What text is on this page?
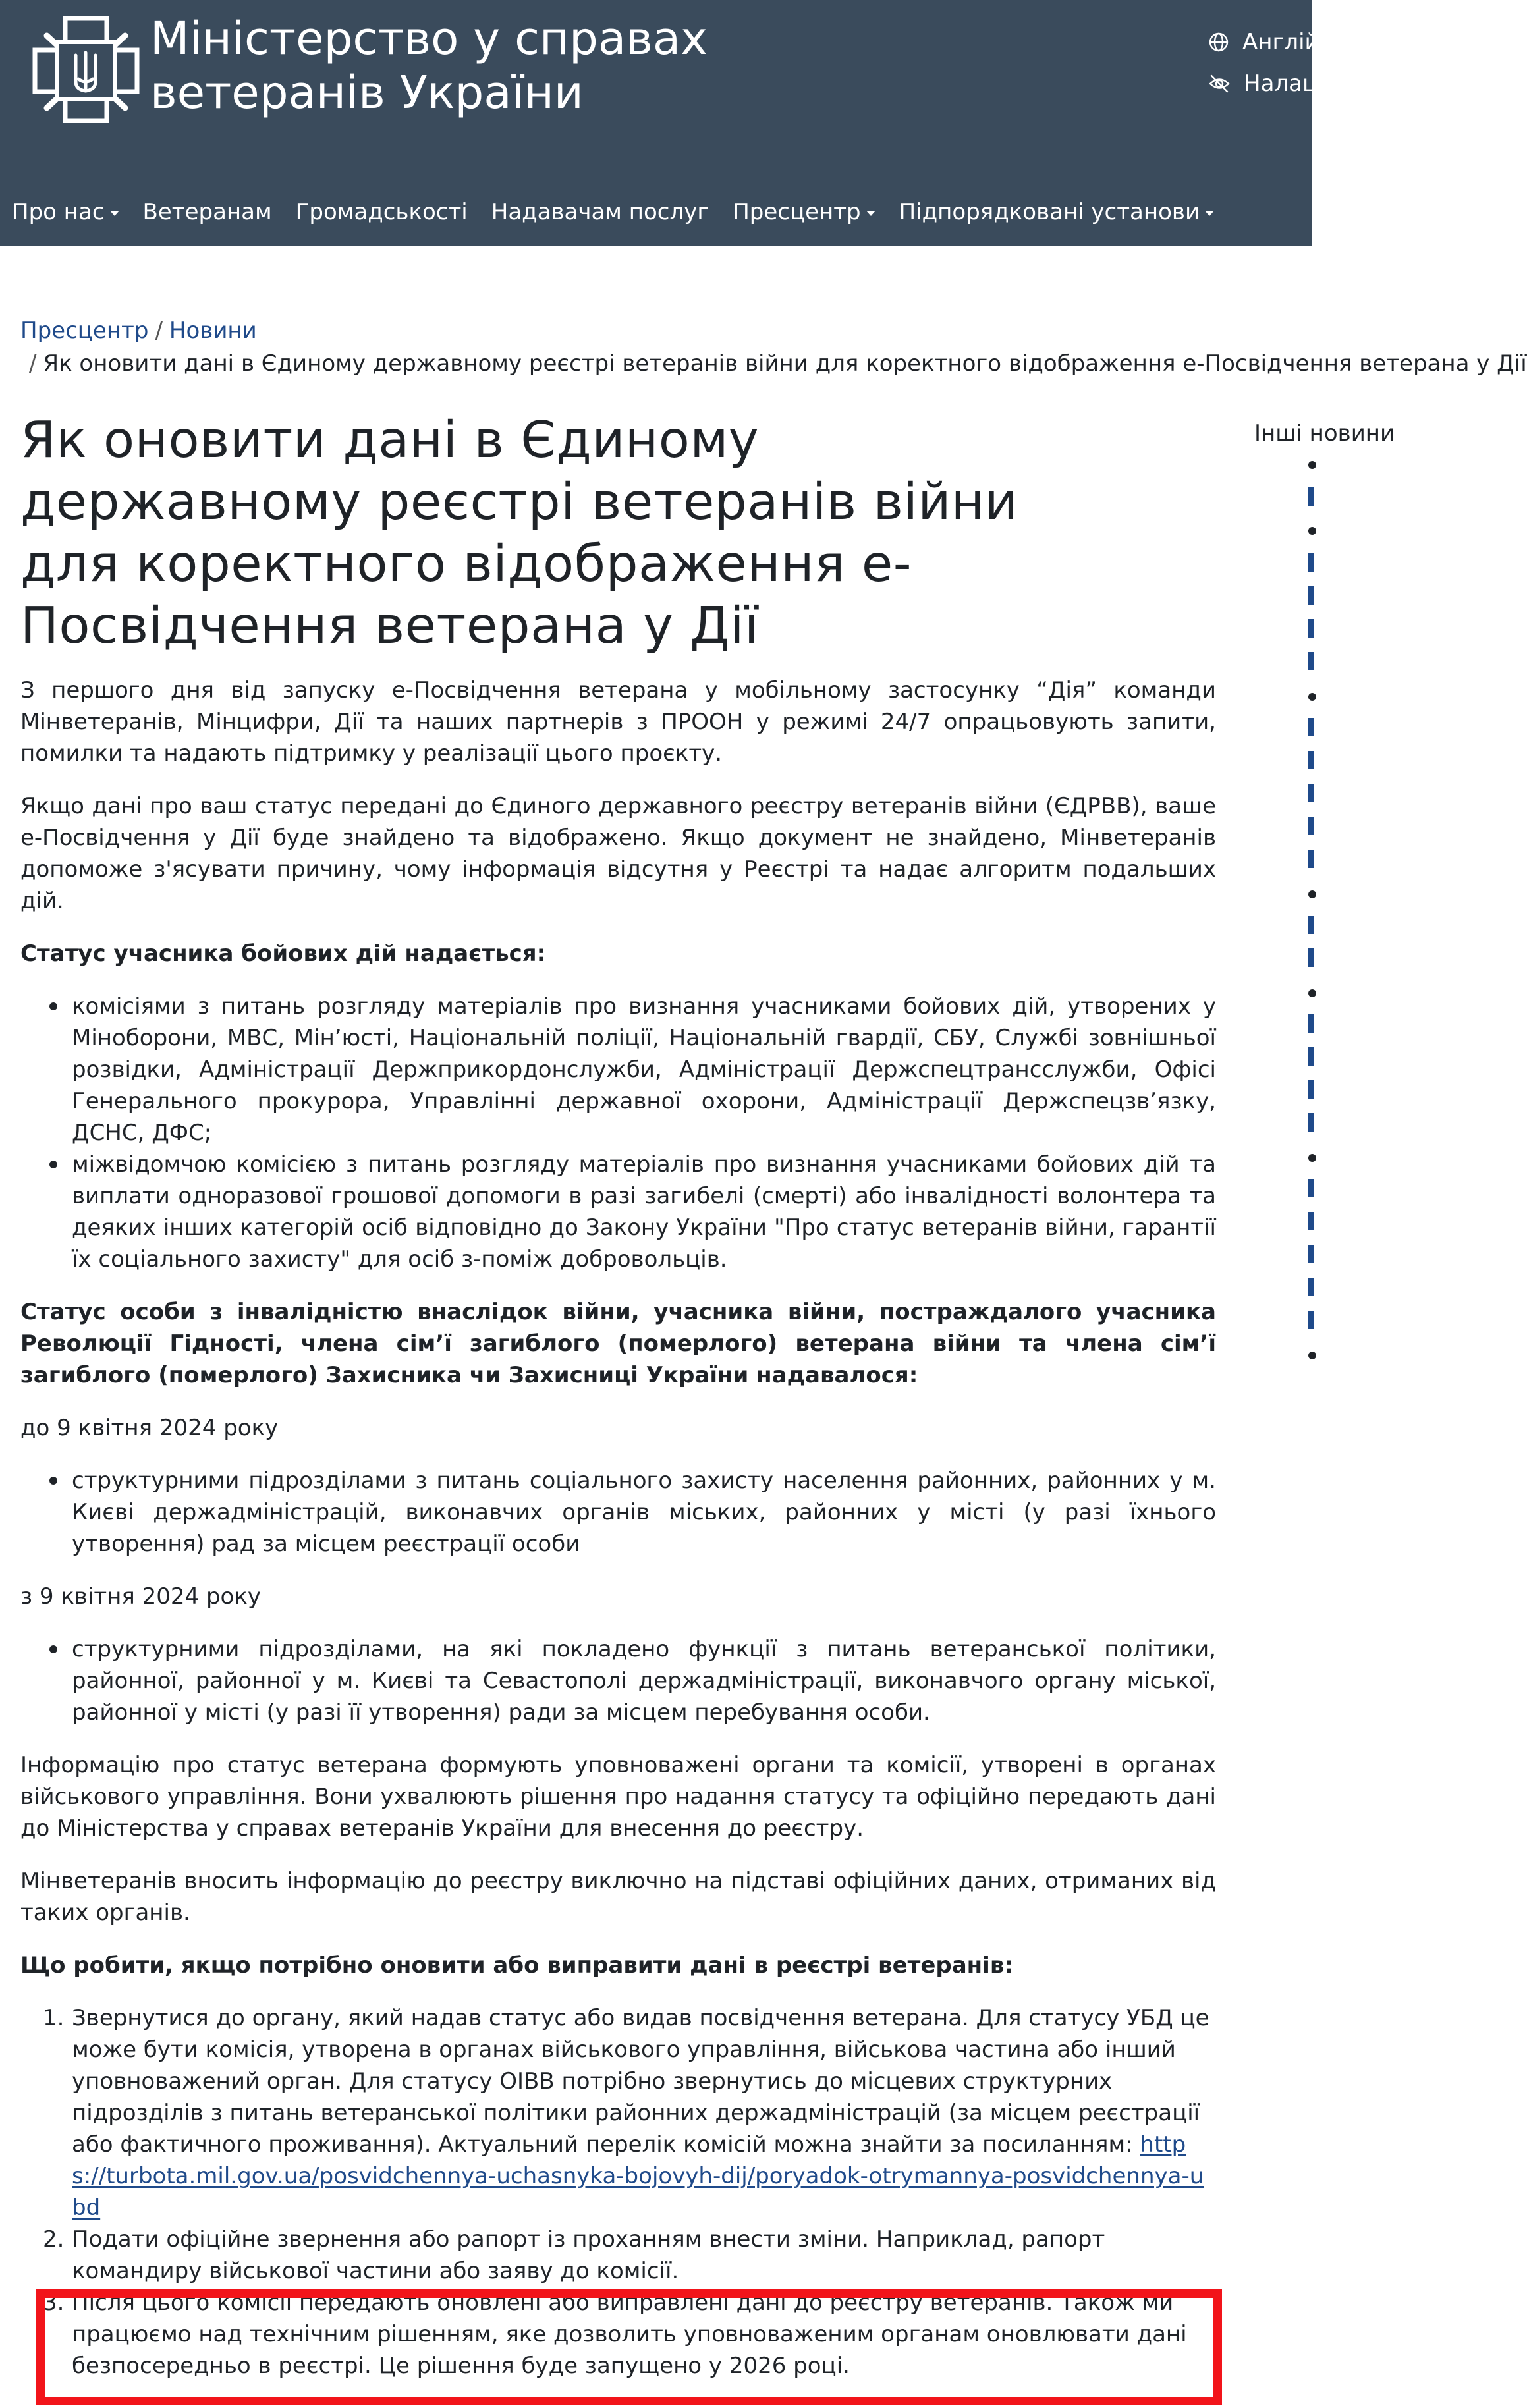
Міністерство у справах
ветеранів України
Англійська
Налаштування
Про нас Ветеранам Громадськості Надавачам послуг Пресцентр Підпорядковані установи
Пресцентр / Новини
/ Як оновити дані в Єдиному державному реєстрі ветеранів війни для коректного відображення е-Посвідчення ветерана у Дії
Як оновити дані в Єдиному
державному реєстрі ветеранів війни
для коректного відображення е-
Посвідчення ветерана у Дії

З першого дня від запуску е-Посвідчення ветерана у мобільному застосунку “Дія” команди Мінветеранів, Мінцифри, Дії та наших партнерів з ПРООН у режимі 24/7 опрацьовують запити, помилки та надають підтримку у реалізації цього проєкту.

Якщо дані про ваш статус передані до Єдиного державного реєстру ветеранів війни (ЄДРВВ), ваше е-Посвідчення у Дії буде знайдено та відображено. Якщо документ не знайдено, Мінветеранів допоможе з'ясувати причину, чому інформація відсутня у Реєстрі та надає алгоритм подальших дій.

Статус учасника бойових дій надається:

комісіями з питань розгляду матеріалів про визнання учасниками бойових дій, утворених у Міноборони, МВС, Мін’юсті, Національній поліції, Національній гвардії, СБУ, Службі зовнішньої розвідки, Адміністрації Держприкордонслужби, Адміністрації Держспецтрансслужби, Офісі Генерального прокурора, Управлінні державної охорони, Адміністрації Держспецзв’язку, ДСНС, ДФС;
міжвідомчою комісією з питань розгляду матеріалів про визнання учасниками бойових дій та виплати одноразової грошової допомоги в разі загибелі (смерті) або інвалідності волонтера та деяких інших категорій осіб відповідно до Закону України "Про статус ветеранів війни, гарантії їх соціального захисту" для осіб з-поміж добровольців.

Статус особи з інвалідністю внаслідок війни, учасника війни, постраждалого учасника Революції Гідності, члена сім’ї загиблого (померлого) ветерана війни та члена сім’ї загиблого (померлого) Захисника чи Захисниці України надавалося:

до 9 квітня 2024 року

структурними підрозділами з питань соціального захисту населення районних, районних у м. Києві держадміністрацій, виконавчих органів міських, районних у місті (у разі їхнього утворення) рад за місцем реєстрації особи

з 9 квітня 2024 року

структурними підрозділами, на які покладено функції з питань ветеранської політики, районної, районної у м. Києві та Севастополі держадміністрації, виконавчого органу міської, районної у місті (у разі її утворення) ради за місцем перебування особи.

Інформацію про статус ветерана формують уповноважені органи та комісії, утворені в органах військового управління. Вони ухвалюють рішення про надання статусу та офіційно передають дані до Міністерства у справах ветеранів України для внесення до реєстру.

Мінветеранів вносить інформацію до реєстру виключно на підставі офіційних даних, отриманих від таких органів.

Що робити, якщо потрібно оновити або виправити дані в реєстрі ветеранів:

1. Звернутися до органу, який надав статус або видав посвідчення ветерана. Для статусу УБД це може бути комісія, утворена в органах військового управління, військова частина або інший уповноважений орган. Для статусу ОІВВ потрібно звернутись до місцевих структурних підрозділів з питань ветеранської політики районних держадміністрацій (за місцем реєстрації або фактичного проживання). Актуальний перелік комісій можна знайти за посиланням: https://turbota.mil.gov.ua/posvidchennya-uchasnyka-bojovyh-dij/poryadok-otrymannya-posvidchennya-ubd
2. Подати офіційне звернення або рапорт із проханням внести зміни. Наприклад, рапорт командиру військової частини або заяву до комісії.
3. Після цього комісії передають оновлені або виправлені дані до реєстру ветеранів. Також ми працюємо над технічним рішенням, яке дозволить уповноваженим органам оновлювати дані безпосередньо в реєстрі. Це рішення буде запущено у 2026 році.
Інші новини
